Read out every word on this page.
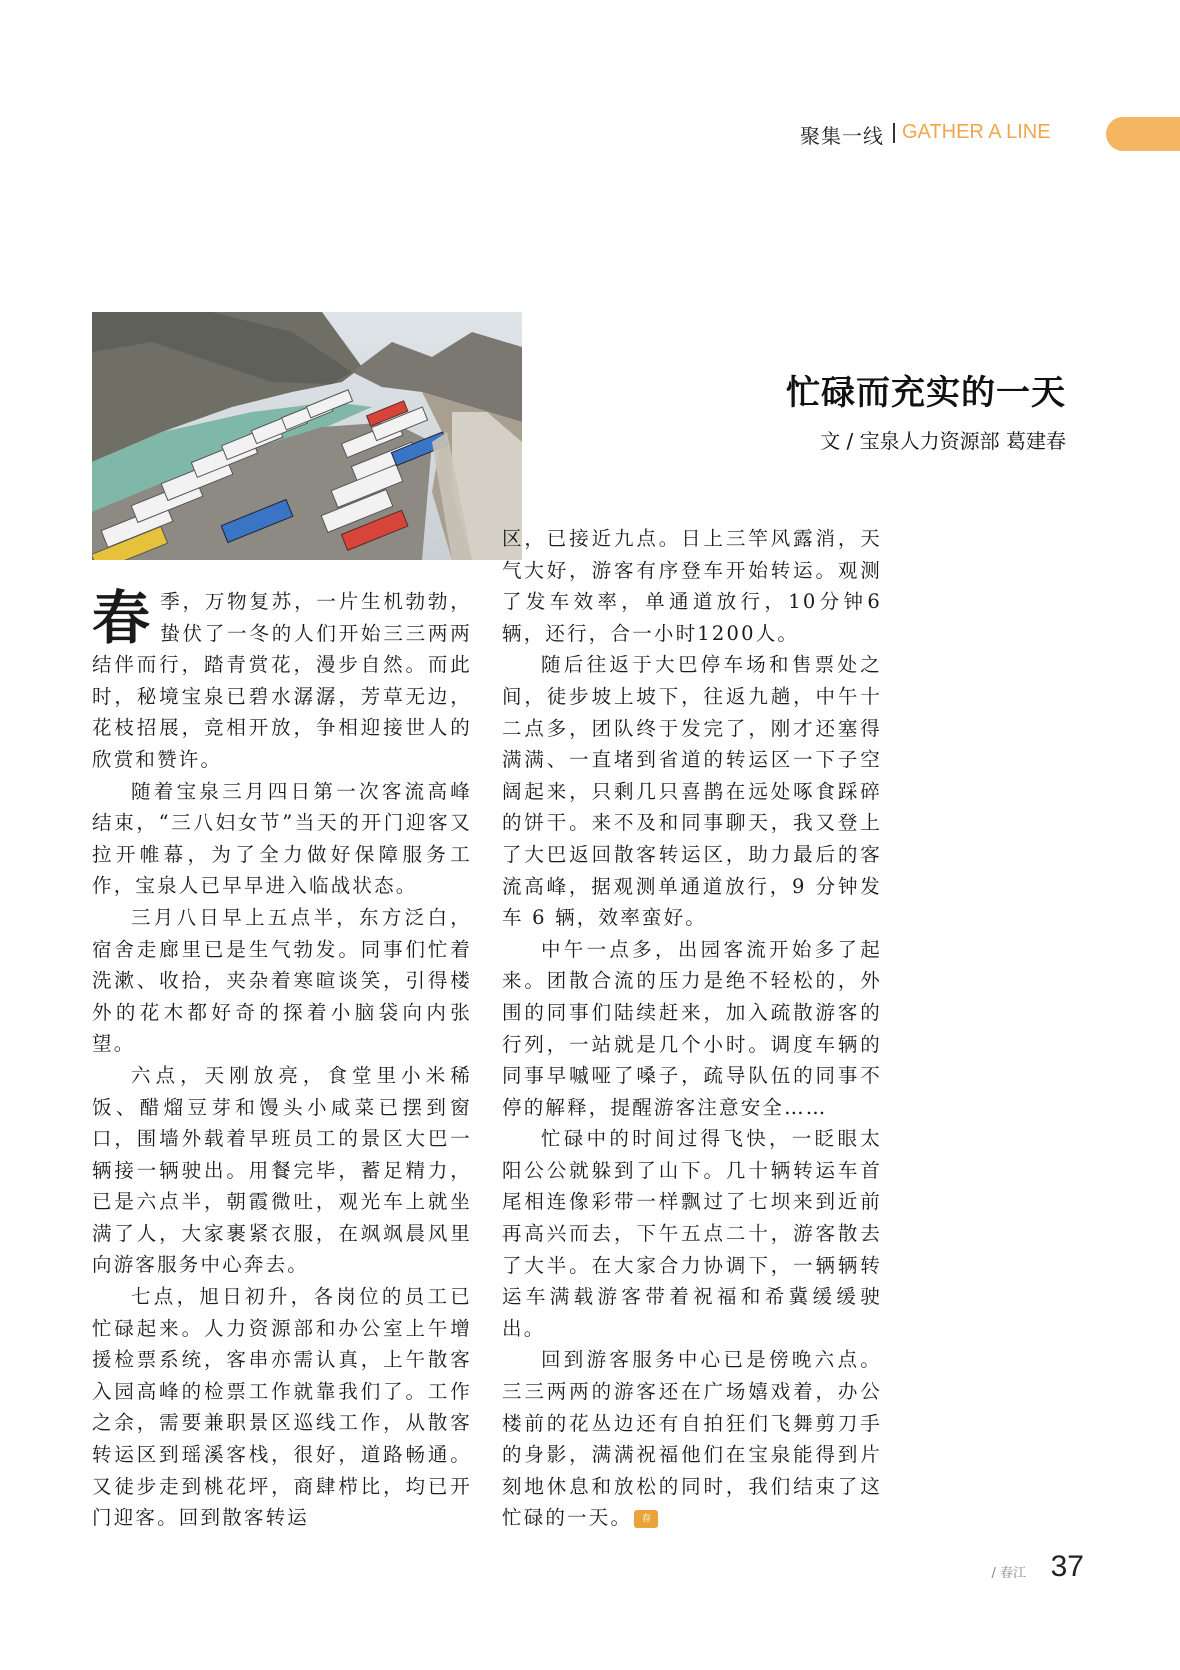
聚集一线 GATHER A LINE
忙碌而充实的一天
文 / 宝泉人力资源部 葛建春

春季，万物复苏，一片生机勃勃，蛰伏了一冬的人们开始三三两两结伴而行，踏青赏花，漫步自然。而此时，秘境宝泉已碧水潺潺，芳草无边，花枝招展，竞相开放，争相迎接世人的欣赏和赞许。

随着宝泉三月四日第一次客流高峰结束，“三八妇女节”当天的开门迎客又拉开帷幕，为了全力做好保障服务工作，宝泉人已早早进入临战状态。

三月八日早上五点半，东方泛白，宿舍走廊里已是生气勃发。同事们忙着洗漱、收拾，夹杂着寒暄谈笑，引得楼外的花木都好奇的探着小脑袋向内张望。

六点，天刚放亮，食堂里小米稀饭、醋熘豆芽和馒头小咸菜已摆到窗口，围墙外载着早班员工的景区大巴一辆接一辆驶出。用餐完毕，蓄足精力，已是六点半，朝霞微吐，观光车上就坐满了人，大家裹紧衣服，在飒飒晨风里向游客服务中心奔去。

七点，旭日初升，各岗位的员工已忙碌起来。人力资源部和办公室上午增援检票系统，客串亦需认真，上午散客入园高峰的检票工作就靠我们了。工作之余，需要兼职景区巡线工作，从散客转运区到瑶溪客栈，很好，道路畅通。又徒步走到桃花坪，商肆栉比，均已开门迎客。回到散客转运

区，已接近九点。日上三竿风露消，天气大好，游客有序登车开始转运。观测了发车效率，单通道放行，10分钟6辆，还行，合一小时1200人。

随后往返于大巴停车场和售票处之间，徒步坡上坡下，往返九趟，中午十二点多，团队终于发完了，刚才还塞得满满、一直堵到省道的转运区一下子空阔起来，只剩几只喜鹊在远处啄食踩碎的饼干。来不及和同事聊天，我又登上了大巴返回散客转运区，助力最后的客流高峰，据观测单通道放行，9 分钟发车 6 辆，效率蛮好。

中午一点多，出园客流开始多了起来。团散合流的压力是绝不轻松的，外围的同事们陆续赶来，加入疏散游客的行列，一站就是几个小时。调度车辆的同事早嘁哑了嗓子，疏导队伍的同事不停的解释，提醒游客注意安全……

忙碌中的时间过得飞快，一眨眼太阳公公就躲到了山下。几十辆转运车首尾相连像彩带一样飘过了七坝来到近前再高兴而去，下午五点二十，游客散去了大半。在大家合力协调下，一辆辆转运车满载游客带着祝福和希冀缓缓驶出。

回到游客服务中心已是傍晚六点。三三两两的游客还在广场嬉戏着，办公楼前的花丛边还有自拍狂们飞舞剪刀手的身影，满满祝福他们在宝泉能得到片刻地休息和放松的同时，我们结束了这忙碌的一天。 春

/ 春江 37
